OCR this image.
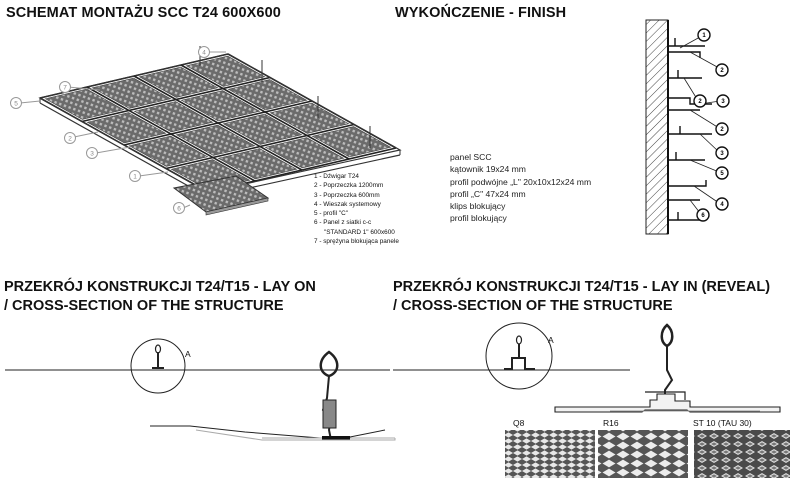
SCHEMAT MONTAŻU SCC T24 600X600	WYKOŃCZENIE - FINISH
1 - Dźwigar T24
2 - Poprzeczka 1200mm
3 - Poprzeczka 600mm
4 - Wieszak systemowy
5 - profil "C"
6 - Panel z siatki c-c
"STANDARD 1" 600x600
7 - sprężyna blokująca panele
panel SCC
kątownik 19x24 mm
profil podwójne „L" 20x10x12x24 mm
profil „C" 47x24 mm
klips blokujący
profil blokujący
PRZEKRÓJ KONSTRUKCJI T24/T15 - LAY ON
/ CROSS-SECTION OF THE STRUCTURE
PRZEKRÓJ KONSTRUKCJI T24/T15 - LAY IN (REVEAL)
/ CROSS-SECTION OF THE STRUCTURE
A
A
Q8	R16	ST 10 (TAU 30)
4
7
5
2
3
1
6
1
2
2	3
2
3
5
4
6
